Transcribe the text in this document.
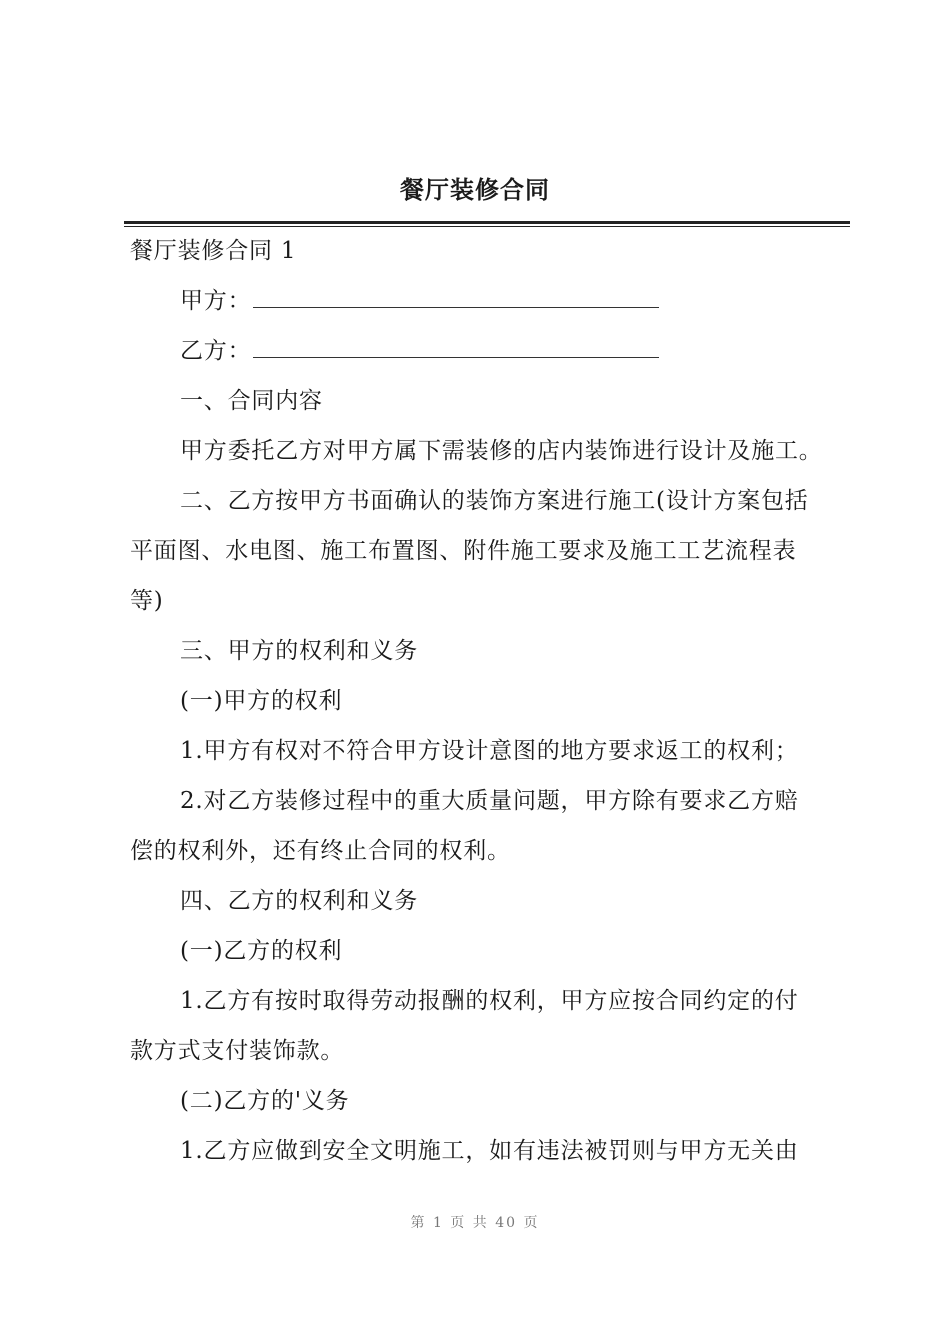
餐厅装修合同
餐厅装修合同 1
甲方：
乙方：
一、合同内容
甲方委托乙方对甲方属下需装修的店内装饰进行设计及施工。
二、乙方按甲方书面确认的装饰方案进行施工(设计方案包括
平面图、水电图、施工布置图、附件施工要求及施工工艺流程表
等)
三、甲方的权利和义务
(一)甲方的权利
1.甲方有权对不符合甲方设计意图的地方要求返工的权利；
2.对乙方装修过程中的重大质量问题，甲方除有要求乙方赔
偿的权利外，还有终止合同的权利。
四、乙方的权利和义务
(一)乙方的权利
1.乙方有按时取得劳动报酬的权利，甲方应按合同约定的付
款方式支付装饰款。
(二)乙方的'义务
1.乙方应做到安全文明施工，如有违法被罚则与甲方无关由
第 1 页 共 40 页
